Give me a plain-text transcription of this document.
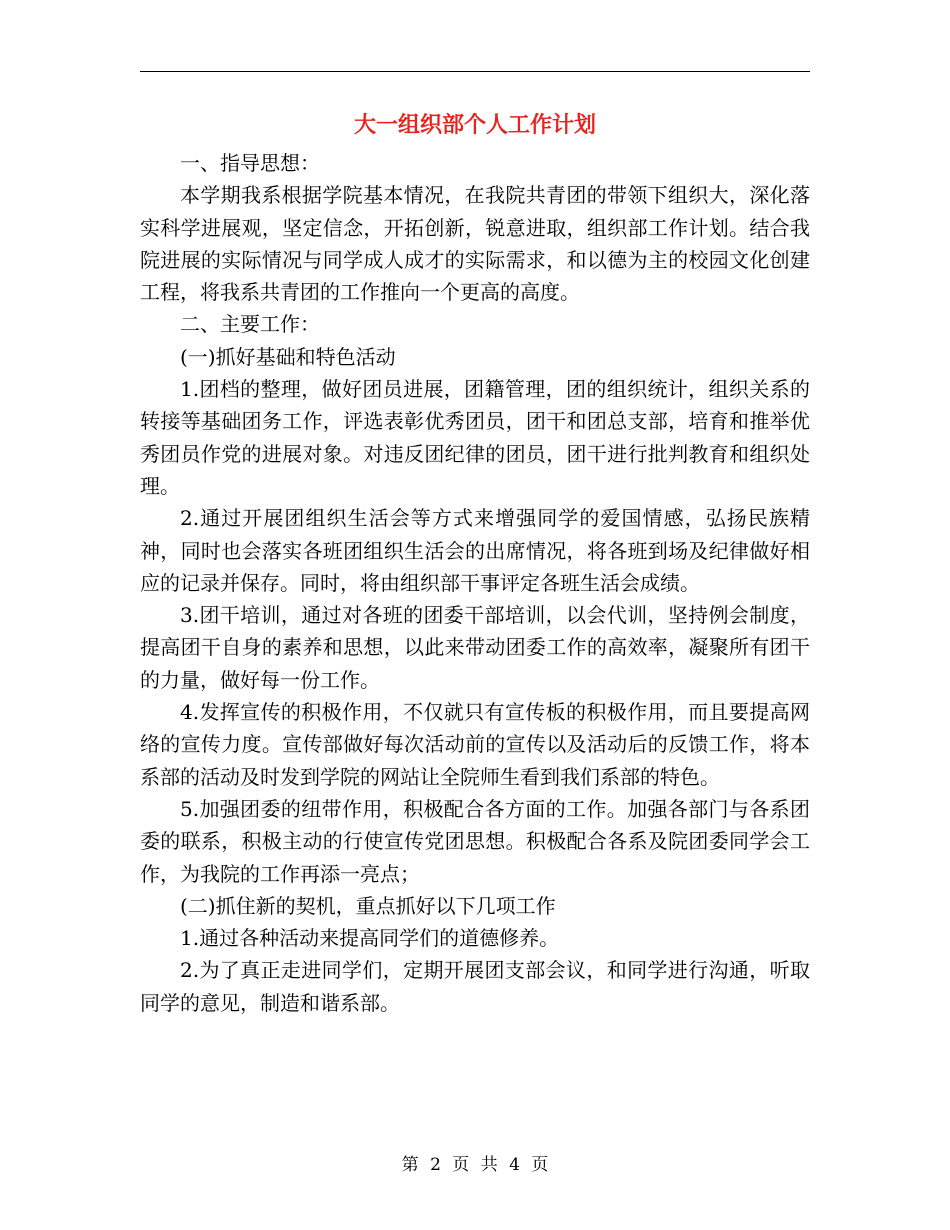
大一组织部个人工作计划

一、指导思想：

本学期我系根据学院基本情况，在我院共青团的带领下组织大，深化落实科学进展观，坚定信念，开拓创新，锐意进取，组织部工作计划。结合我院进展的实际情况与同学成人成才的实际需求，和以德为主的校园文化创建工程，将我系共青团的工作推向一个更高的高度。

二、主要工作：

(一)抓好基础和特色活动

1.团档的整理，做好团员进展，团籍管理，团的组织统计，组织关系的转接等基础团务工作，评选表彰优秀团员，团干和团总支部，培育和推举优秀团员作党的进展对象。对违反团纪律的团员，团干进行批判教育和组织处理。

2.通过开展团组织生活会等方式来增强同学的爱国情感，弘扬民族精神，同时也会落实各班团组织生活会的出席情况，将各班到场及纪律做好相应的记录并保存。同时，将由组织部干事评定各班生活会成绩。

3.团干培训，通过对各班的团委干部培训，以会代训，坚持例会制度，提高团干自身的素养和思想，以此来带动团委工作的高效率，凝聚所有团干的力量，做好每一份工作。

4.发挥宣传的积极作用，不仅就只有宣传板的积极作用，而且要提高网络的宣传力度。宣传部做好每次活动前的宣传以及活动后的反馈工作，将本系部的活动及时发到学院的网站让全院师生看到我们系部的特色。

5.加强团委的纽带作用，积极配合各方面的工作。加强各部门与各系团委的联系，积极主动的行使宣传党团思想。积极配合各系及院团委同学会工作，为我院的工作再添一亮点；

(二)抓住新的契机，重点抓好以下几项工作

1.通过各种活动来提高同学们的道德修养。

2.为了真正走进同学们，定期开展团支部会议，和同学进行沟通，听取同学的意见，制造和谐系部。

第 2 页 共 4 页
